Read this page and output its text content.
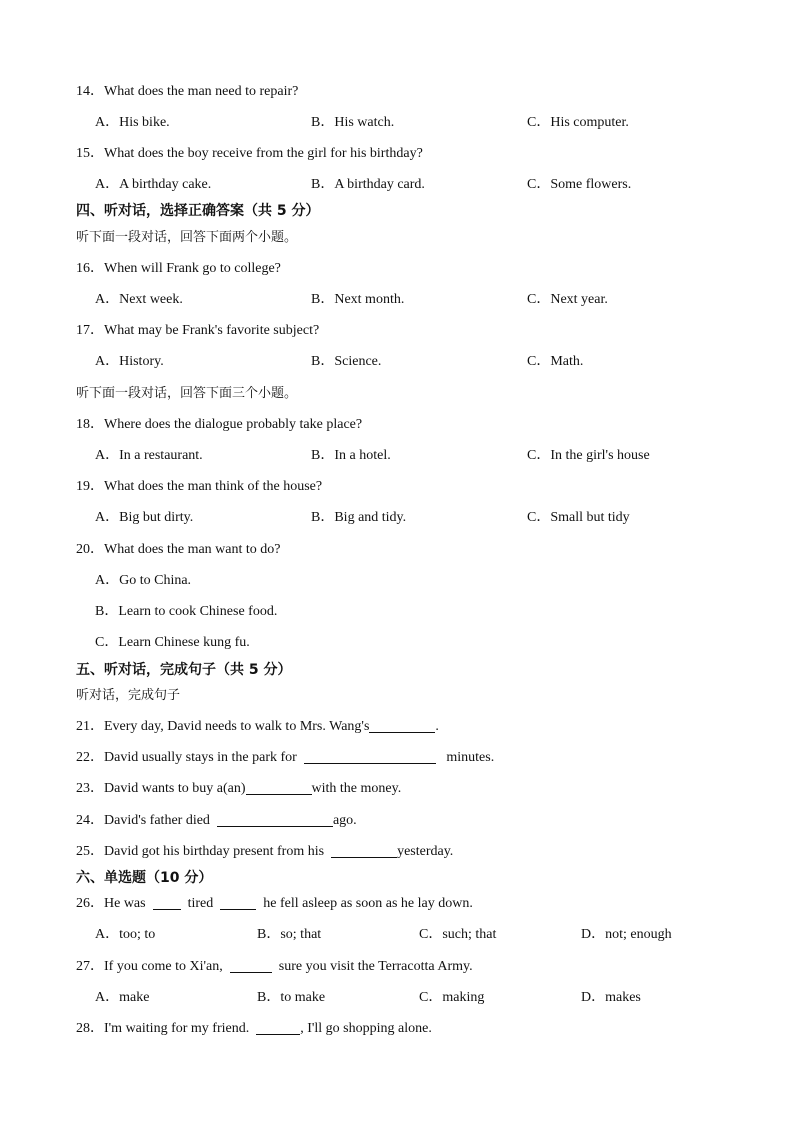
14．What does the man need to repair?
A．His bike.	B．His watch.	C．His computer.
15．What does the boy receive from the girl for his birthday?
A．A birthday cake.	B．A birthday card.	C．Some flowers.
四、听对话，选择正确答案（共 5 分）
听下面一段对话，回答下面两个小题。
16．When will Frank go to college?
A．Next week.	B．Next month.	C．Next year.
17．What may be Frank's favorite subject?
A．History.	B．Science.	C．Math.
听下面一段对话，回答下面三个小题。
18．Where does the dialogue probably take place?
A．In a restaurant.	B．In a hotel.	C．In the girl's house
19．What does the man think of the house?
A．Big but dirty.	B．Big and tidy.	C．Small but tidy
20．What does the man want to do?
A．Go to China.
B．Learn to cook Chinese food.
C．Learn Chinese kung fu.
五、听对话，完成句子（共 5 分）
听对话，完成句子
21．Every day, David needs to walk to Mrs. Wang's	.
22．David usually stays in the park for	minutes.
23．David wants to buy a(an)	with the money.
24．David's father died	ago.
25．David got his birthday present from his	yesterday.
六、单选题（10 分）
26．He was	tired	he fell asleep as soon as he lay down.
A．too; to	B．so; that	C．such; that	D．not; enough
27．If you come to Xi'an,	sure you visit the Terracotta Army.
A．make	B．to make	C．making	D．makes
28．I'm waiting for my friend.	, I'll go shopping alone.
